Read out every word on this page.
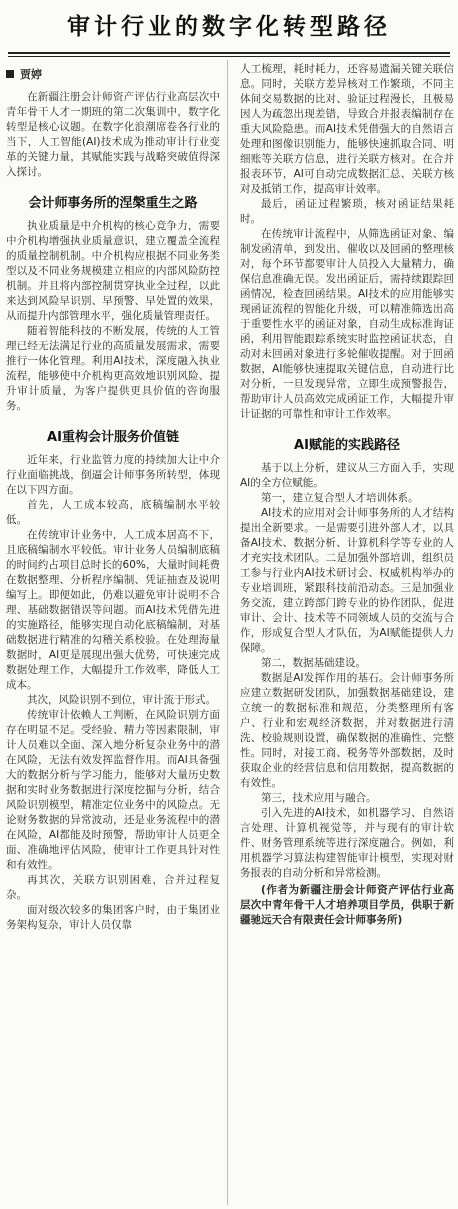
审计行业的数字化转型路径
贾婷

在新疆注册会计师资产评估行业高层次中青年骨干人才一期班的第二次集训中，数字化转型是核心议题。在数字化浪潮席卷各行业的当下，人工智能(AI)技术成为推动审计行业变革的关键力量，其赋能实践与战略突破值得深入探讨。

会计师事务所的涅槃重生之路

执业质量是中介机构的核心竞争力，需要中介机构增强执业质量意识，建立覆盖全流程的质量控制机制。中介机构应根据不同业务类型以及不同业务规模建立相应的内部风险防控机制。并且将内部控制贯穿执业全过程，以此来达到风险早识别、早预警、早处置的效果，从而提升内部管理水平，强化质量管理责任。

随着智能科技的不断发展，传统的人工管理已经无法满足行业的高质量发展需求，需要推行一体化管理。利用AI技术，深度融入执业流程，能够使中介机构更高效地识别风险、提升审计质量，为客户提供更具价值的咨询服务。

AI重构会计服务价值链

近年来，行业监管力度的持续加大让中介行业面临挑战，倒逼会计师事务所转型，体现在以下四方面。

首先，人工成本较高，底稿编制水平较低。

在传统审计业务中，人工成本居高不下，且底稿编制水平较低。审计业务人员编制底稿的时间约占项目总时长的60%，大量时间耗费在数据整理、分析程序编制、凭证抽查及说明编写上。即便如此，仍难以避免审计说明不合理、基础数据错误等问题。而AI技术凭借先进的实施路径，能够实现自动化底稿编制，对基础数据进行精准的勾稽关系校验。在处理海量数据时，AI更是展现出强大优势，可快速完成数据处理工作，大幅提升工作效率，降低人工成本。

其次，风险识别不到位，审计流于形式。

传统审计依赖人工判断，在风险识别方面存在明显不足。受经验、精力等因素限制，审计人员难以全面、深入地分析复杂业务中的潜在风险，无法有效发挥监督作用。而AI具备强大的数据分析与学习能力，能够对大量历史数据和实时业务数据进行深度挖掘与分析，结合风险识别模型，精准定位业务中的风险点。无论财务数据的异常波动，还是业务流程中的潜在风险，AI都能及时预警，帮助审计人员更全面、准确地评估风险，使审计工作更具针对性和有效性。

再其次，关联方识别困难，合并过程复杂。

面对级次较多的集团客户时，由于集团业务架构复杂，审计人员仅靠

人工梳理，耗时耗力，还容易遗漏关键关联信息。同时，关联方差异核对工作繁琐，不同主体间交易数据的比对、验证过程漫长，且极易因人为疏忽出现差错，导致合并报表编制存在重大风险隐患。而AI技术凭借强大的自然语言处理和图像识别能力，能够快速抓取合同、明细账等关联方信息，进行关联方核对。在合并报表环节，AI可自动完成数据汇总、关联方核对及抵销工作，提高审计效率。

最后，函证过程繁琐，核对函证结果耗时。

在传统审计流程中，从筛选函证对象、编制发函清单，到发出、催收以及回函的整理核对，每个环节都要审计人员投入大量精力，确保信息准确无误。发出函证后，需持续跟踪回函情况，检查回函结果。AI技术的应用能够实现函证流程的智能化升级，可以精准筛选出高于重要性水平的函证对象，自动生成标准询证函，利用智能跟踪系统实时监控函证状态，自动对未回函对象进行多轮催收提醒。对于回函数据，AI能够快速提取关键信息，自动进行比对分析，一旦发现异常，立即生成预警报告，帮助审计人员高效完成函证工作，大幅提升审计证据的可靠性和审计工作效率。

AI赋能的实践路径

基于以上分析，建议从三方面入手，实现AI的全方位赋能。

第一，建立复合型人才培训体系。

AI技术的应用对会计师事务所的人才结构提出全新要求。一是需要引进外部人才，以具备AI技术、数据分析、计算机科学等专业的人才充实技术团队。二是加强外部培训，组织员工参与行业内AI技术研讨会、权威机构举办的专业培训班，紧跟科技前沿动态。三是加强业务交流，建立跨部门跨专业的协作团队，促进审计、会计、技术等不同领域人员的交流与合作，形成复合型人才队伍，为AI赋能提供人力保障。

第二，数据基础建设。

数据是AI发挥作用的基石。会计师事务所应建立数据研发团队，加强数据基础建设，建立统一的数据标准和规范，分类整理所有客户、行业和宏观经济数据，并对数据进行清洗、校验规则设置，确保数据的准确性、完整性。同时，对接工商、税务等外部数据，及时获取企业的经营信息和信用数据，提高数据的有效性。

第三，技术应用与融合。

引入先进的AI技术，如机器学习、自然语言处理、计算机视觉等，并与现有的审计软件、财务管理系统等进行深度融合。例如，利用机器学习算法构建智能审计模型，实现对财务报表的自动分析和异常检测。

(作者为新疆注册会计师资产评估行业高层次中青年骨干人才培养项目学员，供职于新疆驰远天合有限责任会计师事务所)
